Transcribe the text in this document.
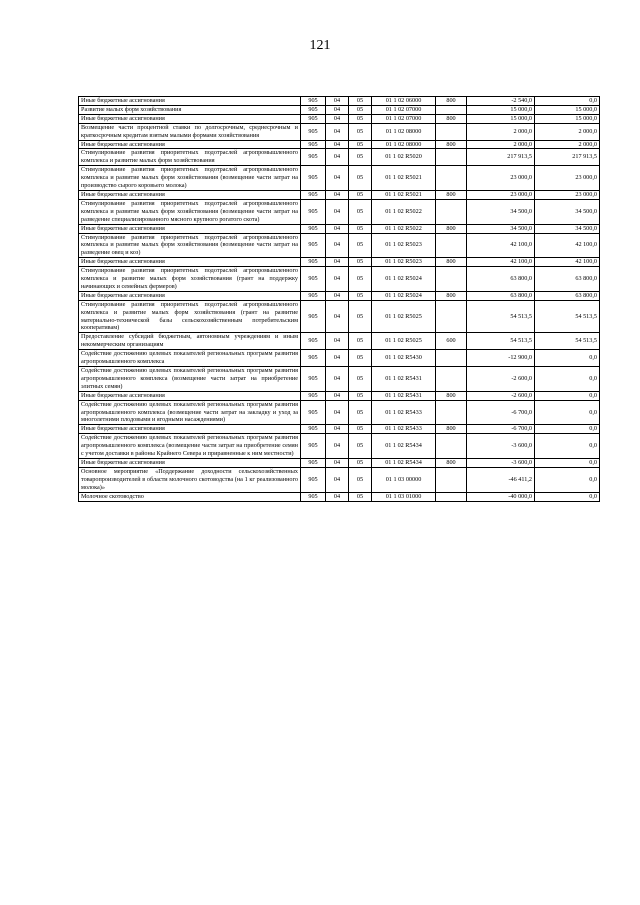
121
Иные бюджетные ассигнования	905	04	05	01 1 02 06000	800	-2 540,0	0,0
Развитие малых форм хозяйствования	905	04	05	01 1 02 07000		15 000,0	15 000,0
Иные бюджетные ассигнования	905	04	05	01 1 02 07000	800	15 000,0	15 000,0
Возмещение части процентной ставки по долгосрочным, среднесрочным и краткосрочным кредитам взятым малыми формами хозяйствования	905	04	05	01 1 02 08000		2 000,0	2 000,0
Иные бюджетные ассигнования	905	04	05	01 1 02 08000	800	2 000,0	2 000,0
Стимулирование развития приоритетных подотраслей агропромышленного комплекса и развитие малых форм хозяйствования	905	04	05	01 1 02 R5020		217 913,5	217 913,5
Стимулирование развития приоритетных подотраслей агропромышленного комплекса и развитие малых форм хозяйствования (возмещение части затрат на производство сырого коровьего молока)	905	04	05	01 1 02 R5021		23 000,0	23 000,0
Иные бюджетные ассигнования	905	04	05	01 1 02 R5021	800	23 000,0	23 000,0
Стимулирование развития приоритетных подотраслей агропромышленного комплекса и развитие малых форм хозяйствования (возмещение части затрат на разведение специализированного мясного крупного рогатого скота)	905	04	05	01 1 02 R5022		34 500,0	34 500,0
Иные бюджетные ассигнования	905	04	05	01 1 02 R5022	800	34 500,0	34 500,0
Стимулирование развития приоритетных подотраслей агропромышленного комплекса и развитие малых форм хозяйствования (возмещение части затрат на разведение овец и коз)	905	04	05	01 1 02 R5023		42 100,0	42 100,0
Иные бюджетные ассигнования	905	04	05	01 1 02 R5023	800	42 100,0	42 100,0
Стимулирование развития приоритетных подотраслей агропромышленного комплекса и развитие малых форм хозяйствования (грант на поддержку начинающих и семейных фермеров)	905	04	05	01 1 02 R5024		63 800,0	63 800,0
Иные бюджетные ассигнования	905	04	05	01 1 02 R5024	800	63 800,0	63 800,0
Стимулирование развития приоритетных подотраслей агропромышленного комплекса и развитие малых форм хозяйствования (грант на развитие материально-технической базы сельскохозяйственным потребительским кооперативам)	905	04	05	01 1 02 R5025		54 513,5	54 513,5
Предоставление субсидий бюджетным, автономным учреждениям и иным некоммерческим организациям	905	04	05	01 1 02 R5025	600	54 513,5	54 513,5
Содействие достижению целевых показателей региональных программ развития агропромышленного комплекса	905	04	05	01 1 02 R5430		-12 900,0	0,0
Содействие достижению целевых показателей региональных программ развития агропромышленного комплекса (возмещение части затрат на приобретение элитных семян)	905	04	05	01 1 02 R5431		-2 600,0	0,0
Иные бюджетные ассигнования	905	04	05	01 1 02 R5431	800	-2 600,0	0,0
Содействие достижению целевых показателей региональных программ развития агропромышленного комплекса (возмещение части затрат на закладку и уход за многолетними плодовыми и ягодными насаждениями)	905	04	05	01 1 02 R5433		-6 700,0	0,0
Иные бюджетные ассигнования	905	04	05	01 1 02 R5433	800	-6 700,0	0,0
Содействие достижению целевых показателей региональных программ развития агропромышленного комплекса (возмещение части затрат на приобретение семян с учетом доставки в районы Крайнего Севера и приравненные к ним местности)	905	04	05	01 1 02 R5434		-3 600,0	0,0
Иные бюджетные ассигнования	905	04	05	01 1 02 R5434	800	-3 600,0	0,0
Основное мероприятие «Поддержание доходности сельскохозяйственных товаропроизводителей в области молочного скотоводства (на 1 кг реализованного молока)»	905	04	05	01 1 03 00000		-46 411,2	0,0
Молочное скотоводство	905	04	05	01 1 03 01000		-40 000,0	0,0
